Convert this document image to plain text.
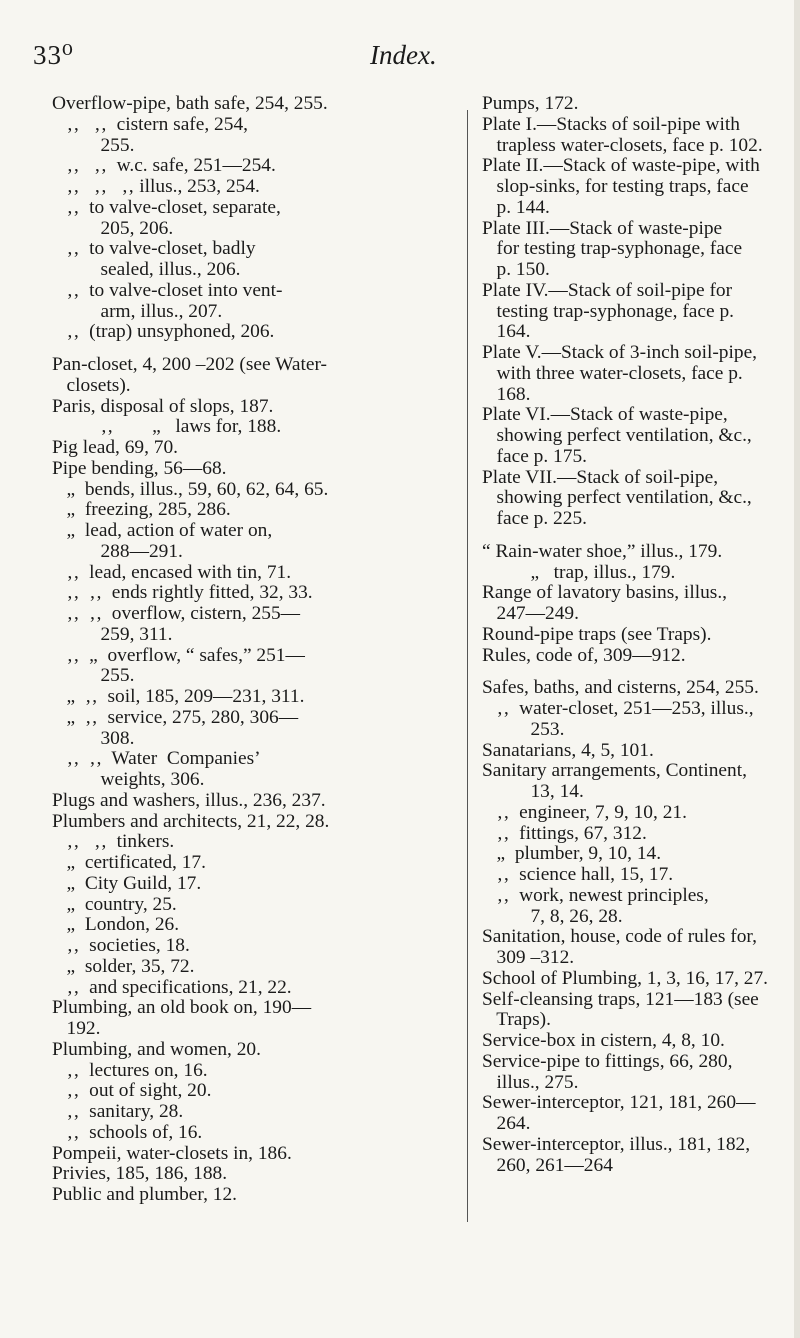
33⁰	Index.
Overflow-pipe, bath safe, 254, 255.
‚‚   ‚‚  cistern safe, 254,
255.
‚‚   ‚‚  w.c. safe, 251—254.
‚‚   ‚‚   ‚‚ illus., 253, 254.
‚‚  to valve-closet, separate,
205, 206.
‚‚  to valve-closet, badly
sealed, illus., 206.
‚‚  to valve-closet into vent-
arm, illus., 207.
‚‚  (trap) unsyphoned, 206.
Pan-closet, 4, 200 –202 (see Water-
closets).
Paris, disposal of slops, 187.
‚‚        „   laws for, 188.
Pig lead, 69, 70.
Pipe bending, 56—68.
„  bends, illus., 59, 60, 62, 64, 65.
„  freezing, 285, 286.
„  lead, action of water on,
288—291.
‚‚  lead, encased with tin, 71.
‚‚  ‚‚  ends rightly fitted, 32, 33.
‚‚  ‚‚  overflow, cistern, 255—
259, 311.
‚‚  „  overflow, “ safes,” 251—
255.
„  ‚‚  soil, 185, 209—231, 311.
„  ‚‚  service, 275, 280, 306—
308.
‚‚  ‚‚  Water  Companies’
weights, 306.
Plugs and washers, illus., 236, 237.
Plumbers and architects, 21, 22, 28.
‚‚   ‚‚  tinkers.
„  certificated, 17.
„  City Guild, 17.
„  country, 25.
„  London, 26.
‚‚  societies, 18.
„  solder, 35, 72.
‚‚  and specifications, 21, 22.
Plumbing, an old book on, 190—
192.
Plumbing, and women, 20.
‚‚  lectures on, 16.
‚‚  out of sight, 20.
‚‚  sanitary, 28.
‚‚  schools of, 16.
Pompeii, water-closets in, 186.
Privies, 185, 186, 188.
Public and plumber, 12.
Pumps, 172.
Plate I.—Stacks of soil-pipe with
trapless water-closets, face p. 102.
Plate II.—Stack of waste-pipe, with
slop-sinks, for testing traps, face
p. 144.
Plate III.—Stack of waste-pipe
for testing trap-syphonage, face
p. 150.
Plate IV.—Stack of soil-pipe for
testing trap-syphonage, face p.
164.
Plate V.—Stack of 3-inch soil-pipe,
with three water-closets, face p.
168.
Plate VI.—Stack of waste-pipe,
showing perfect ventilation, &c.,
face p. 175.
Plate VII.—Stack of soil-pipe,
showing perfect ventilation, &c.,
face p. 225.
“ Rain-water shoe,” illus., 179.
„   trap, illus., 179.
Range of lavatory basins, illus.,
247—249.
Round-pipe traps (see Traps).
Rules, code of, 309—912.
Safes, baths, and cisterns, 254, 255.
‚‚  water-closet, 251—253, illus.,
253.
Sanatarians, 4, 5, 101.
Sanitary arrangements, Continent,
13, 14.
‚‚  engineer, 7, 9, 10, 21.
‚‚  fittings, 67, 312.
„  plumber, 9, 10, 14.
‚‚  science hall, 15, 17.
‚‚  work, newest principles,
7, 8, 26, 28.
Sanitation, house, code of rules for,
309 –312.
School of Plumbing, 1, 3, 16, 17, 27.
Self-cleansing traps, 121—183 (see
Traps).
Service-box in cistern, 4, 8, 10.
Service-pipe to fittings, 66, 280,
illus., 275.
Sewer-interceptor, 121, 181, 260—
264.
Sewer-interceptor, illus., 181, 182,
260, 261—264
